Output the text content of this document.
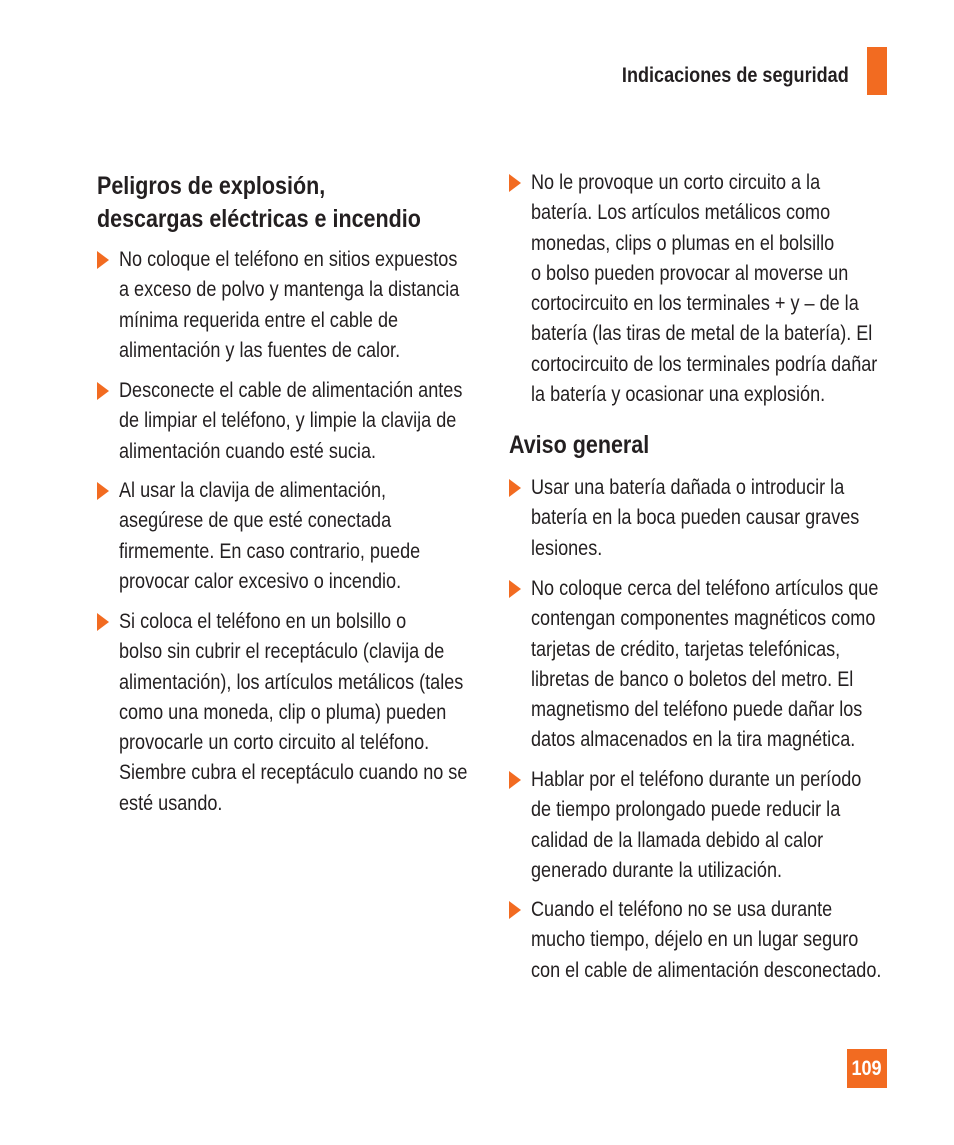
Indicaciones de seguridad
Peligros de explosión,
descargas eléctricas e incendio
No coloque el teléfono en sitios expuestos
a exceso de polvo y mantenga la distancia
mínima requerida entre el cable de
alimentación y las fuentes de calor.
Desconecte el cable de alimentación antes
de limpiar el teléfono, y limpie la clavija de
alimentación cuando esté sucia.
Al usar la clavija de alimentación,
asegúrese de que esté conectada
firmemente. En caso contrario, puede
provocar calor excesivo o incendio.
Si coloca el teléfono en un bolsillo o
bolso sin cubrir el receptáculo (clavija de
alimentación), los artículos metálicos (tales
como una moneda, clip o pluma) pueden
provocarle un corto circuito al teléfono.
Siembre cubra el receptáculo cuando no se
esté usando.
No le provoque un corto circuito a la
batería. Los artículos metálicos como
monedas, clips o plumas en el bolsillo
o bolso pueden provocar al moverse un
cortocircuito en los terminales + y – de la
batería (las tiras de metal de la batería). El
cortocircuito de los terminales podría dañar
la batería y ocasionar una explosión.
Aviso general
Usar una batería dañada o introducir la
batería en la boca pueden causar graves
lesiones.
No coloque cerca del teléfono artículos que
contengan componentes magnéticos como
tarjetas de crédito, tarjetas telefónicas,
libretas de banco o boletos del metro. El
magnetismo del teléfono puede dañar los
datos almacenados en la tira magnética.
Hablar por el teléfono durante un período
de tiempo prolongado puede reducir la
calidad de la llamada debido al calor
generado durante la utilización.
Cuando el teléfono no se usa durante
mucho tiempo, déjelo en un lugar seguro
con el cable de alimentación desconectado.
109
